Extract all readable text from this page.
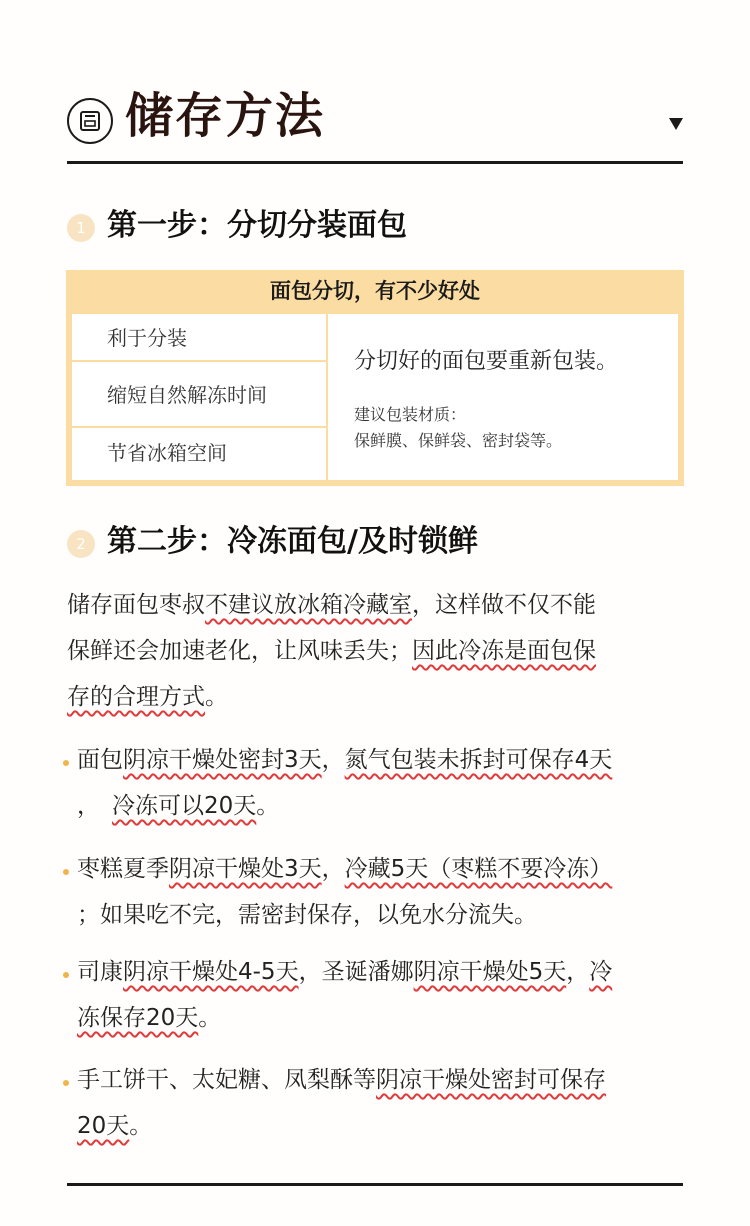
储存方法
1 第一步：分切分装面包
面包分切，有不少好处
利于分装
缩短自然解冻时间
节省冰箱空间
分切好的面包要重新包装。
建议包装材质：
保鲜膜、保鲜袋、密封袋等。
2 第二步：冷冻面包/及时锁鲜
储存面包枣叔不建议放冰箱冷藏室，这样做不仅不能
保鲜还会加速老化，让风味丢失；因此冷冻是面包保
存的合理方式。
面包阴凉干燥处密封3天，氮气包装未拆封可保存4天
， 冷冻可以20天。
枣糕夏季阴凉干燥处3天，冷藏5天（枣糕不要冷冻）
；如果吃不完，需密封保存，以免水分流失。
司康阴凉干燥处4-5天，圣诞潘娜阴凉干燥处5天，冷
冻保存20天。
手工饼干、太妃糖、凤梨酥等阴凉干燥处密封可保存
20天。
